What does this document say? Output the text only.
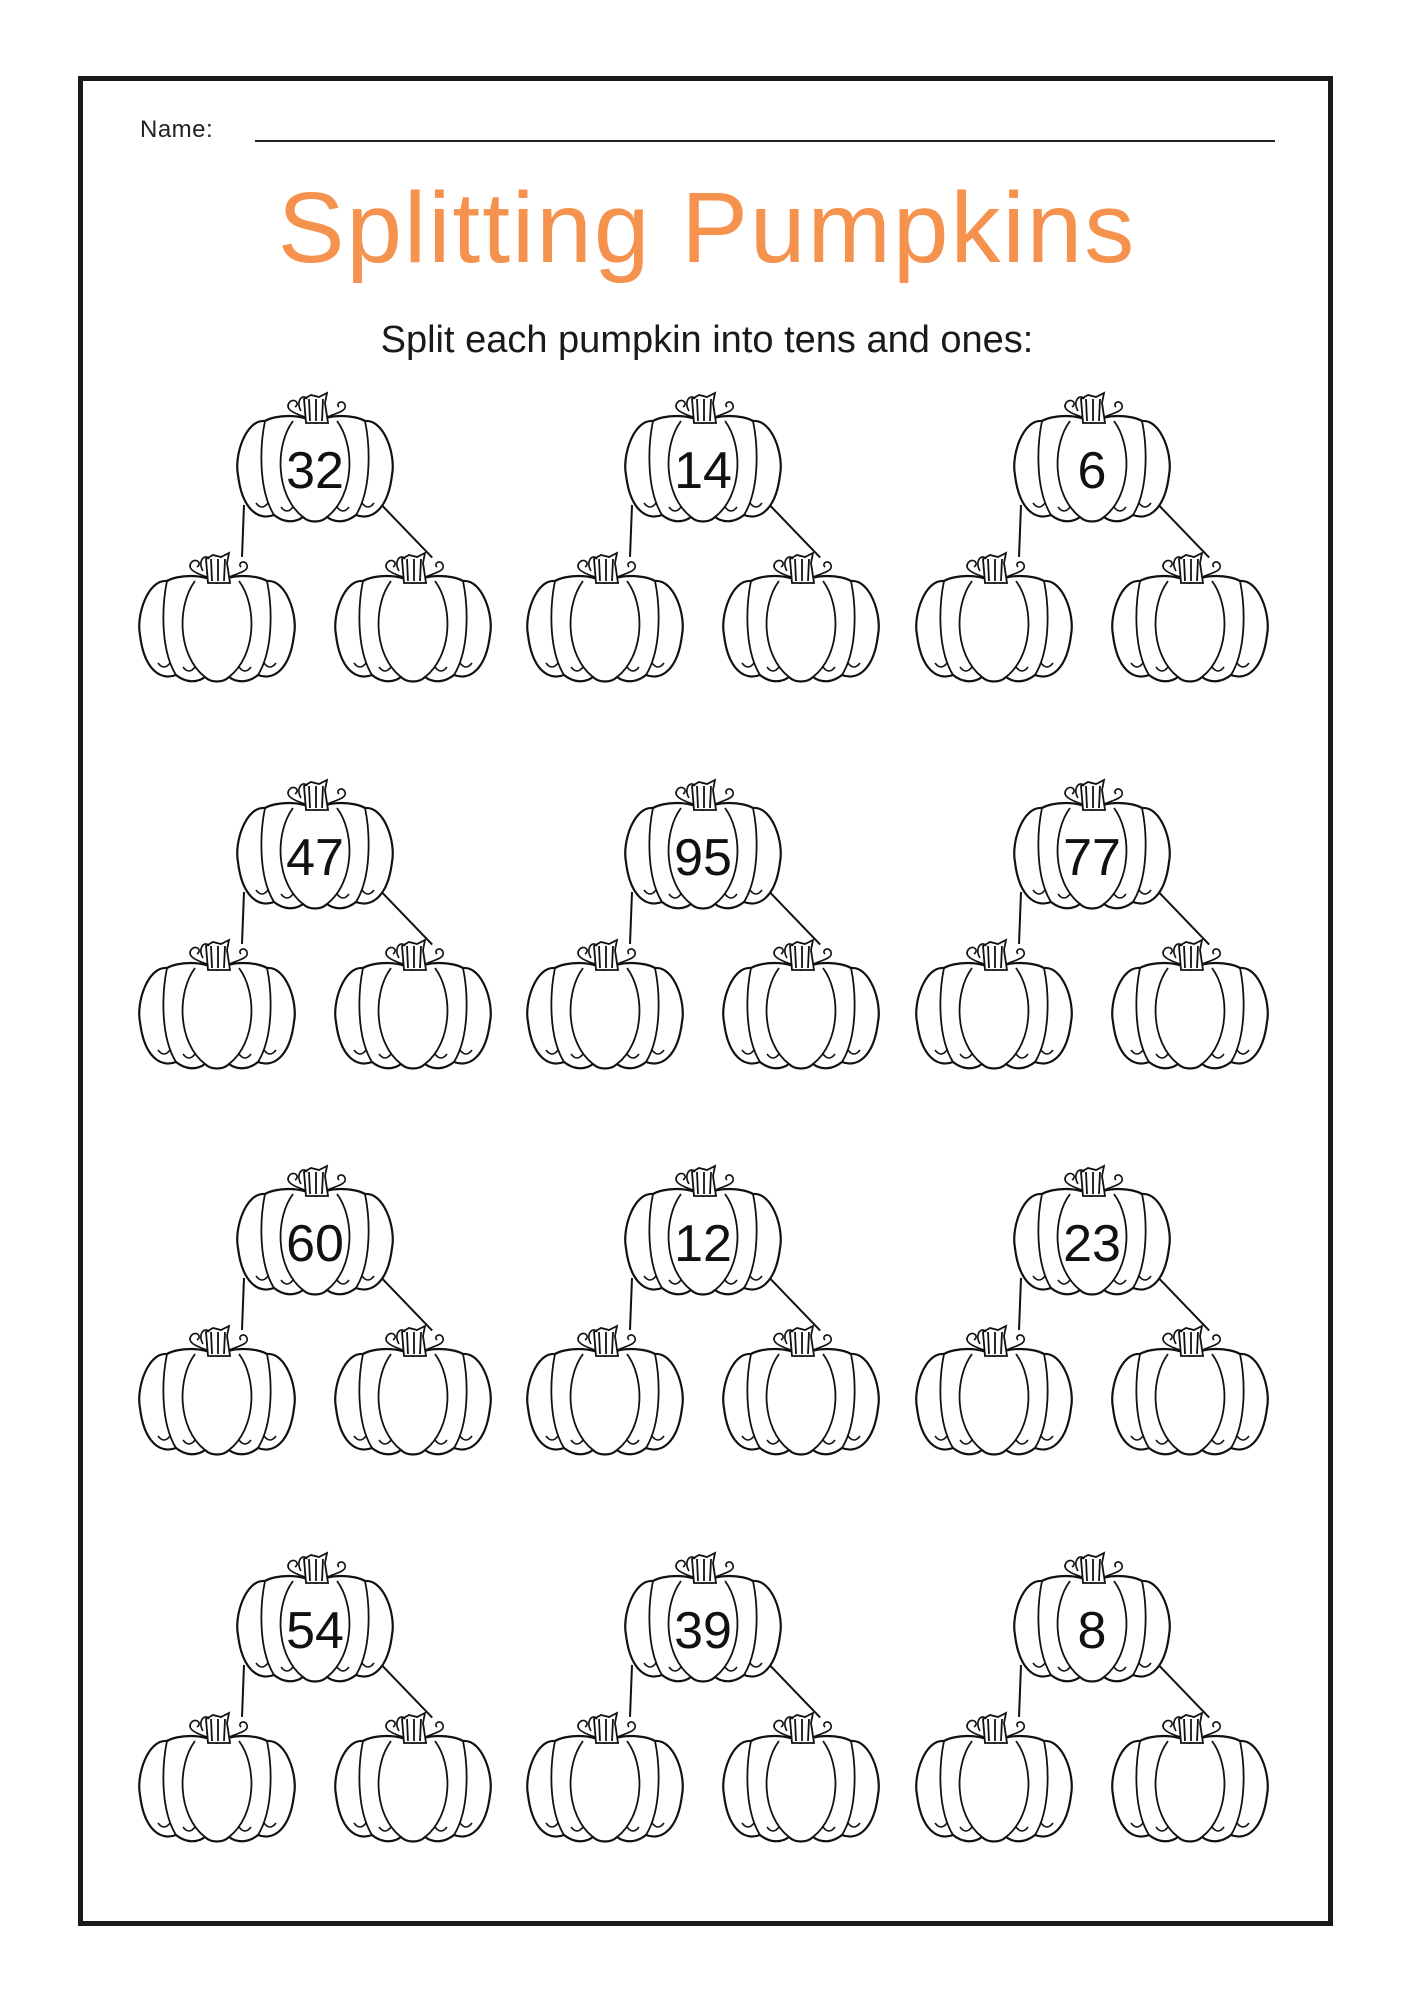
Name:
Splitting Pumpkins
Split each pumpkin into tens and ones:
32	14	6
47	95	77
60	12	23
54	39	8
